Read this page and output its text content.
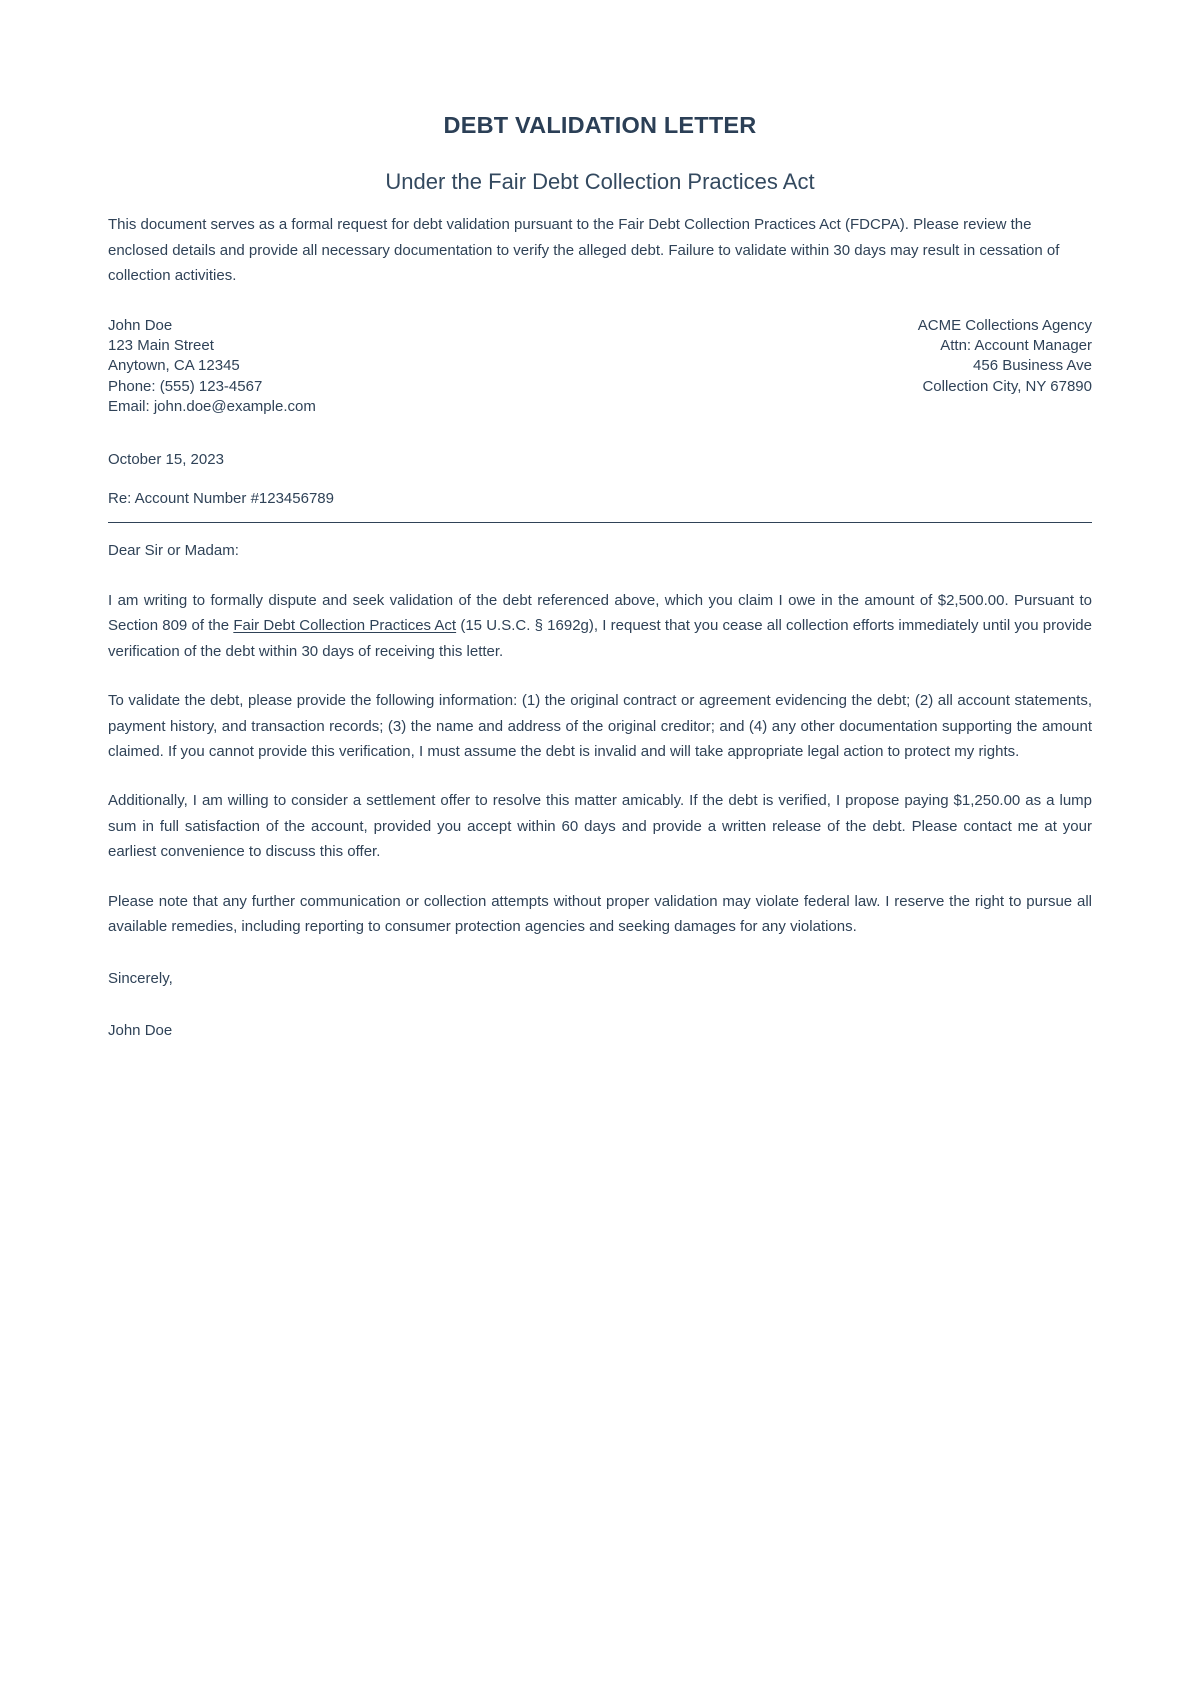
DEBT VALIDATION LETTER
Under the Fair Debt Collection Practices Act

This document serves as a formal request for debt validation pursuant to the Fair Debt Collection Practices Act (FDCPA). Please review the enclosed details and provide all necessary documentation to verify the alleged debt. Failure to validate within 30 days may result in cessation of collection activities.

John Doe
123 Main Street
Anytown, CA 12345
Phone: (555) 123-4567
Email: john.doe@example.com
ACME Collections Agency
Attn: Account Manager
456 Business Ave
Collection City, NY 67890
October 15, 2023
Re: Account Number #123456789
Dear Sir or Madam:

I am writing to formally dispute and seek validation of the debt referenced above, which you claim I owe in the amount of $2,500.00. Pursuant to Section 809 of the Fair Debt Collection Practices Act (15 U.S.C. § 1692g), I request that you cease all collection efforts immediately until you provide verification of the debt within 30 days of receiving this letter.

To validate the debt, please provide the following information: (1) the original contract or agreement evidencing the debt; (2) all account statements, payment history, and transaction records; (3) the name and address of the original creditor; and (4) any other documentation supporting the amount claimed. If you cannot provide this verification, I must assume the debt is invalid and will take appropriate legal action to protect my rights.

Additionally, I am willing to consider a settlement offer to resolve this matter amicably. If the debt is verified, I propose paying $1,250.00 as a lump sum in full satisfaction of the account, provided you accept within 60 days and provide a written release of the debt. Please contact me at your earliest convenience to discuss this offer.

Please note that any further communication or collection attempts without proper validation may violate federal law. I reserve the right to pursue all available remedies, including reporting to consumer protection agencies and seeking damages for any violations.

Sincerely,
John Doe
